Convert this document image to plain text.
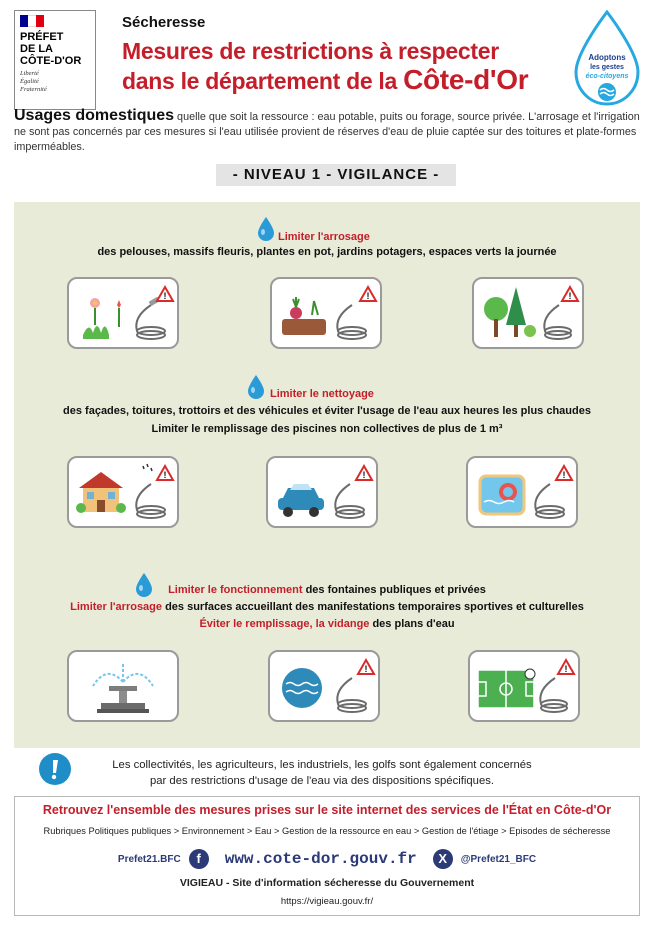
PRÉFET
DE LA
CÔTE-D'OR
Liberté
Égalité
Fraternité
Sécheresse
Mesures de restrictions à respecter
dans le département de la Côte-d'Or
Adoptons
les gestes
éco-citoyens
Usages domestiques quelle que soit la ressource : eau potable, puits ou forage, source privée. L'arrosage et l'irrigation ne sont pas concernés par ces mesures si l'eau utilisée provient de réserves d'eau de pluie captée sur des toitures et plate-formes imperméables.
- NIVEAU 1 - VIGILANCE -
Limiter l'arrosage
des pelouses, massifs fleuris, plantes en pot, jardins potagers, espaces verts la journée
!	!	!
Limiter le nettoyage
des façades, toitures, trottoirs et des véhicules et éviter l'usage de l'eau aux heures les plus chaudes
Limiter le remplissage des piscines non collectives de plus de 1 m³
!	!	!
Limiter le fonctionnement des fontaines publiques et privées
Limiter l'arrosage des surfaces accueillant des manifestations temporaires sportives et culturelles
Éviter le remplissage, la vidange des plans d'eau
!	!
Les collectivités, les agriculteurs, les industriels, les golfs sont également concernés
par des restrictions d'usage de l'eau via des dispositions spécifiques.
Retrouvez l'ensemble des mesures prises sur le site internet des services de l'État en Côte-d'Or
Rubriques Politiques publiques > Environnement > Eau > Gestion de la ressource en eau > Gestion de l'étiage > Episodes de sécheresse
Prefet21.BFC	f	www.cote-dor.gouv.fr	X	@Prefet21_BFC
VIGIEAU - Site d'information sécheresse du Gouvernement
https://vigieau.gouv.fr/
